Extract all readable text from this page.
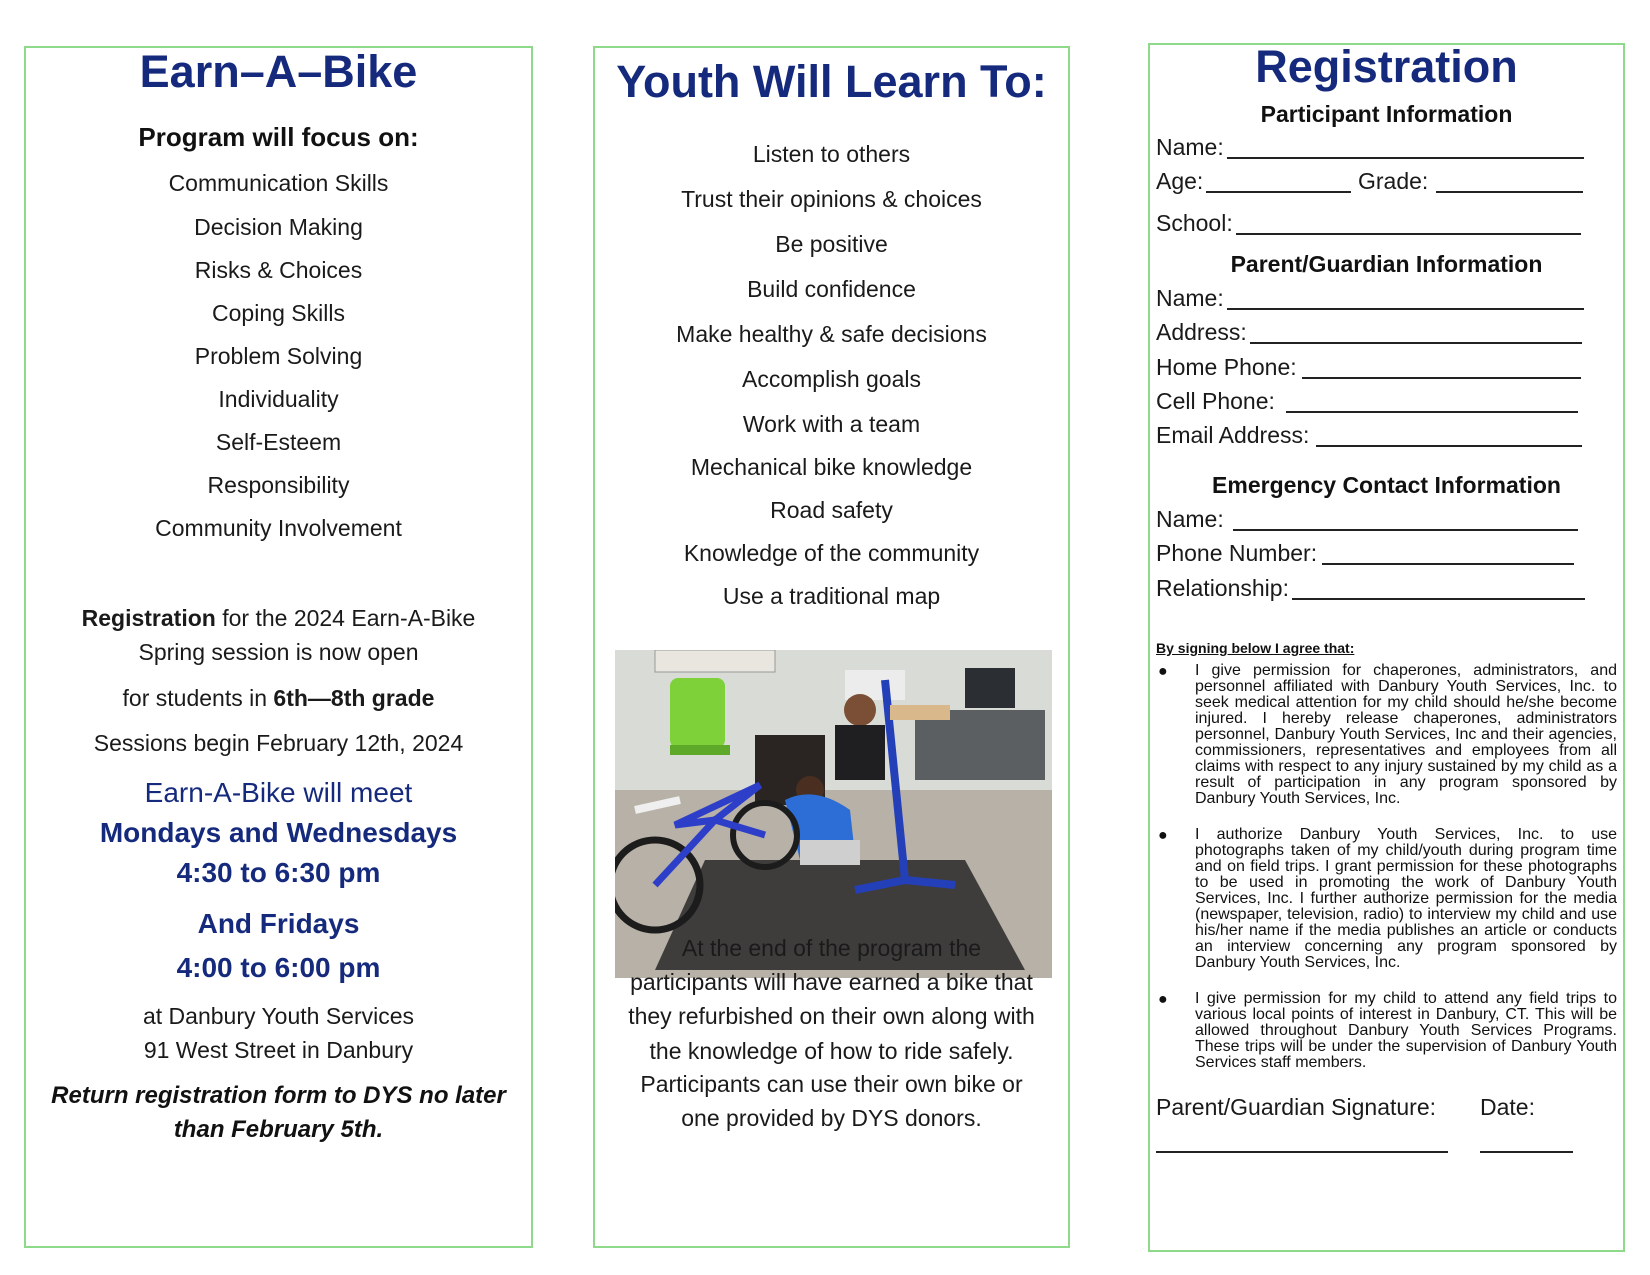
Earn–A–Bike
Program will focus on:
Communication Skills
Decision Making
Risks & Choices
Coping Skills
Problem Solving
Individuality
Self-Esteem
Responsibility
Community Involvement
Registration for the 2024 Earn-A-Bike
Spring session is now open
for students in 6th—8th grade
Sessions begin February 12th, 2024
Earn-A-Bike will meet
Mondays and Wednesdays
4:30 to 6:30 pm
And Fridays
4:00 to 6:00 pm
at Danbury Youth Services
91 West Street in Danbury
Return registration form to DYS no later
than February 5th.
Youth Will Learn To:
Listen to others
Trust their opinions & choices
Be positive
Build confidence
Make healthy & safe decisions
Accomplish goals
Work with a team
Mechanical bike knowledge
Road safety
Knowledge of the community
Use a traditional map
At the end of the program the
participants will have earned a bike that
they refurbished on their own along with
the knowledge of how to ride safely.
Participants can use their own bike or
one provided by DYS donors.
Registration
Participant Information
Name:
Age:	Grade:
School:
Parent/Guardian Information
Name:
Address:
Home Phone:
Cell Phone:
Email Address:
Emergency Contact Information
Name:
Phone Number:
Relationship:
By signing below I agree that:
● I give permission for chaperones, administrators, and personnel affiliated with Danbury Youth Services, Inc. to seek medical attention for my child should he/she become injured. I hereby release chaperones, administrators personnel, Danbury Youth Services, Inc and their agencies, commissioners, representatives and employees from all claims with respect to any injury sustained by my child as a result of participation in any program sponsored by Danbury Youth Services, Inc.
● I authorize Danbury Youth Services, Inc. to use photographs taken of my child/youth during program time and on field trips. I grant permission for these photographs to be used in promoting the work of Danbury Youth Services, Inc. I further authorize permission for the media (newspaper, television, radio) to interview my child and use his/her name if the media publishes an article or conducts an interview concerning any program sponsored by Danbury Youth Services, Inc.
● I give permission for my child to attend any field trips to various local points of interest in Danbury, CT. This will be allowed throughout Danbury Youth Services Programs. These trips will be under the supervision of Danbury Youth Services staff members.
Parent/Guardian Signature: Date:
